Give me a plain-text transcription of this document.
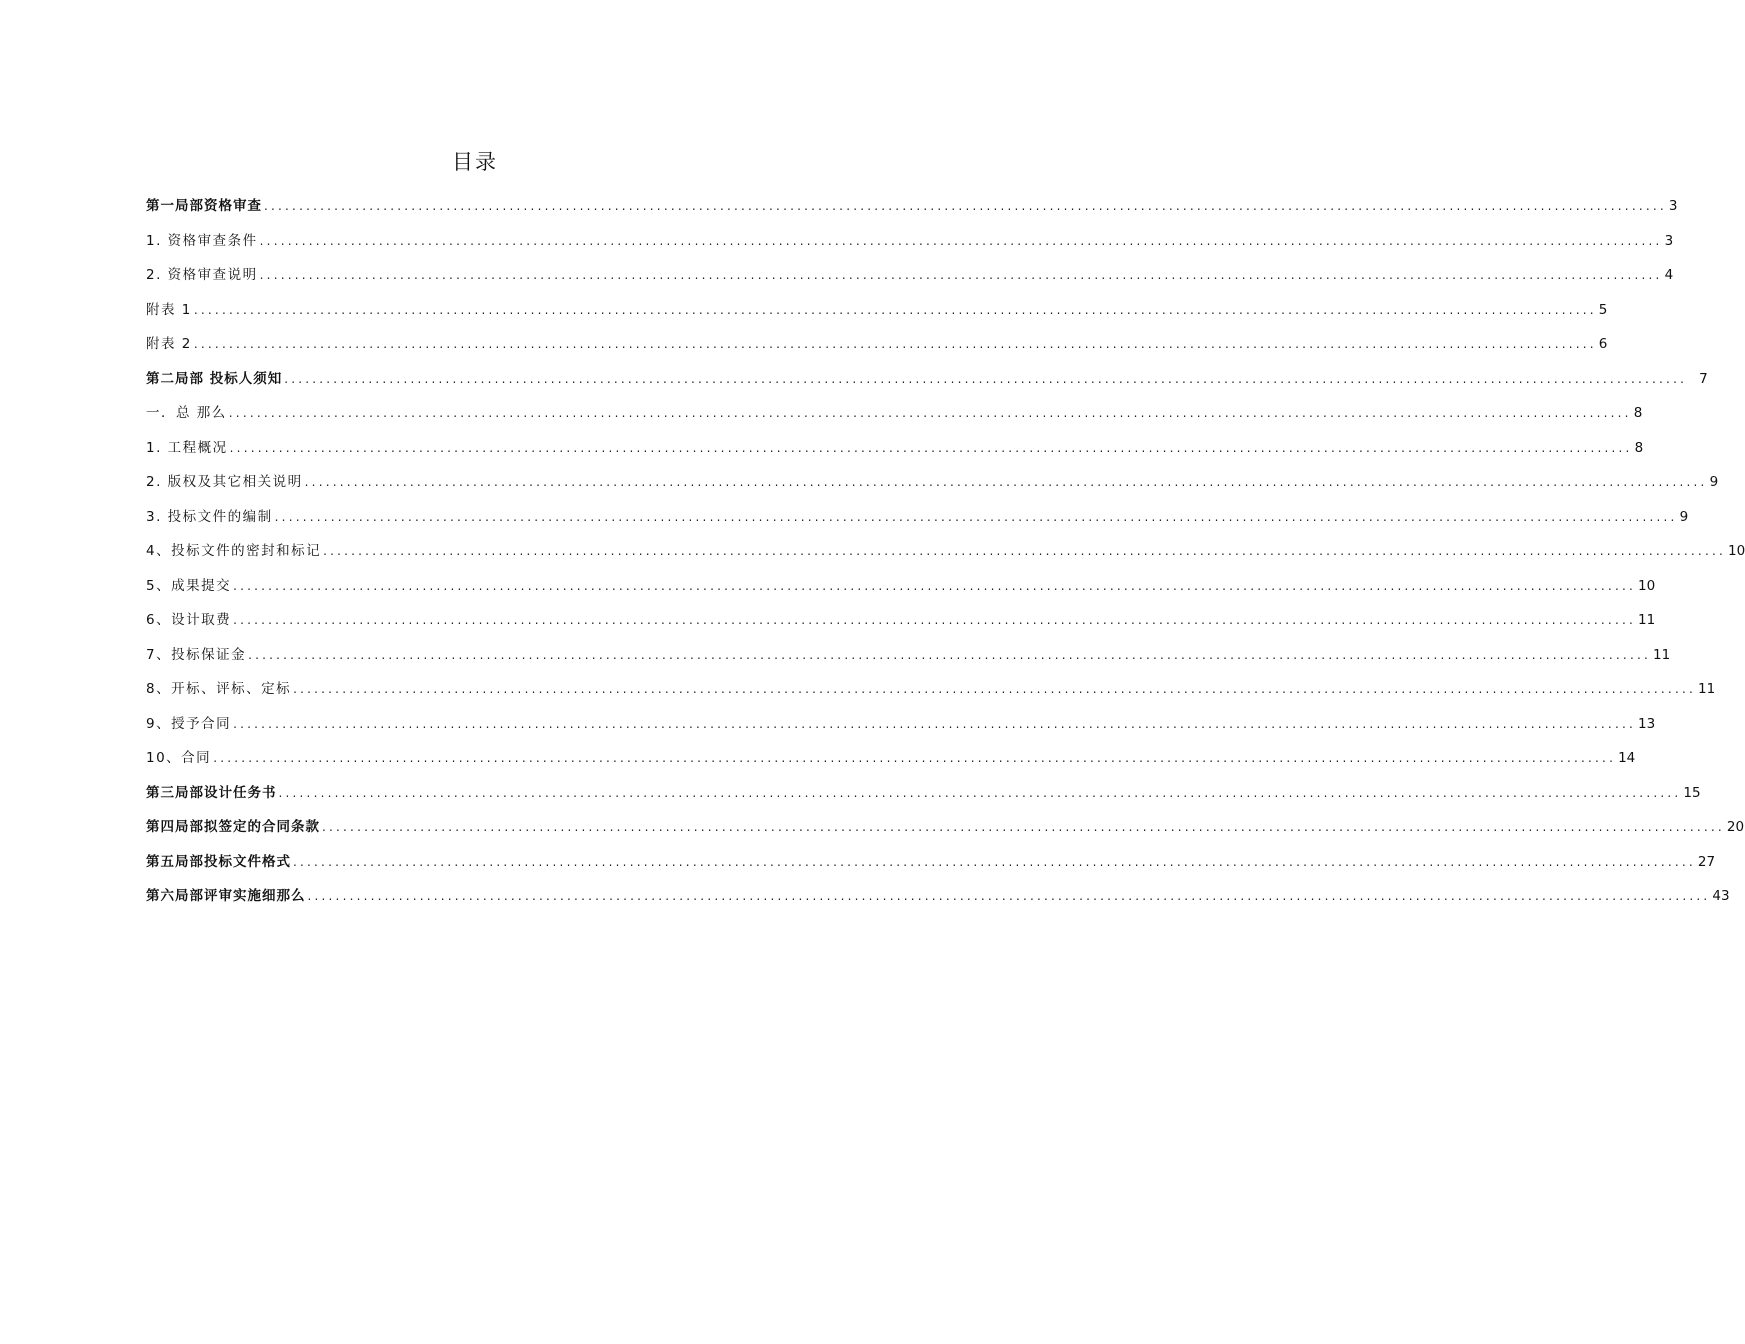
目录
第一局部资格审查 ........................................................................................................................................................................................................ 3
1. 资格审查条件 ........................................................................................................................................................................................................ 3
2. 资格审查说明 ........................................................................................................................................................................................................ 4
附表 1 ........................................................................................................................................................................................................ 5
附表 2 ........................................................................................................................................................................................................ 6
第二局部 投标人须知 ........................................................................................................................................................................................................ 7
一．总 那么 ........................................................................................................................................................................................................ 8
1. 工程概况 ........................................................................................................................................................................................................ 8
2. 版权及其它相关说明 ........................................................................................................................................................................................................ 9
3. 投标文件的编制 ........................................................................................................................................................................................................ 9
4、投标文件的密封和标记 ........................................................................................................................................................................................................ 10
5、成果提交 ........................................................................................................................................................................................................ 10
6、设计取费 ........................................................................................................................................................................................................ 11
7、投标保证金 ........................................................................................................................................................................................................ 11
8、开标、评标、定标 ........................................................................................................................................................................................................ 11
9、授予合同 ........................................................................................................................................................................................................ 13
10、合同 ........................................................................................................................................................................................................ 14
第三局部设计任务书 ........................................................................................................................................................................................................ 15
第四局部拟签定的合同条款 ........................................................................................................................................................................................................ 20
第五局部投标文件格式 ........................................................................................................................................................................................................ 27
第六局部评审实施细那么 ........................................................................................................................................................................................................ 43
